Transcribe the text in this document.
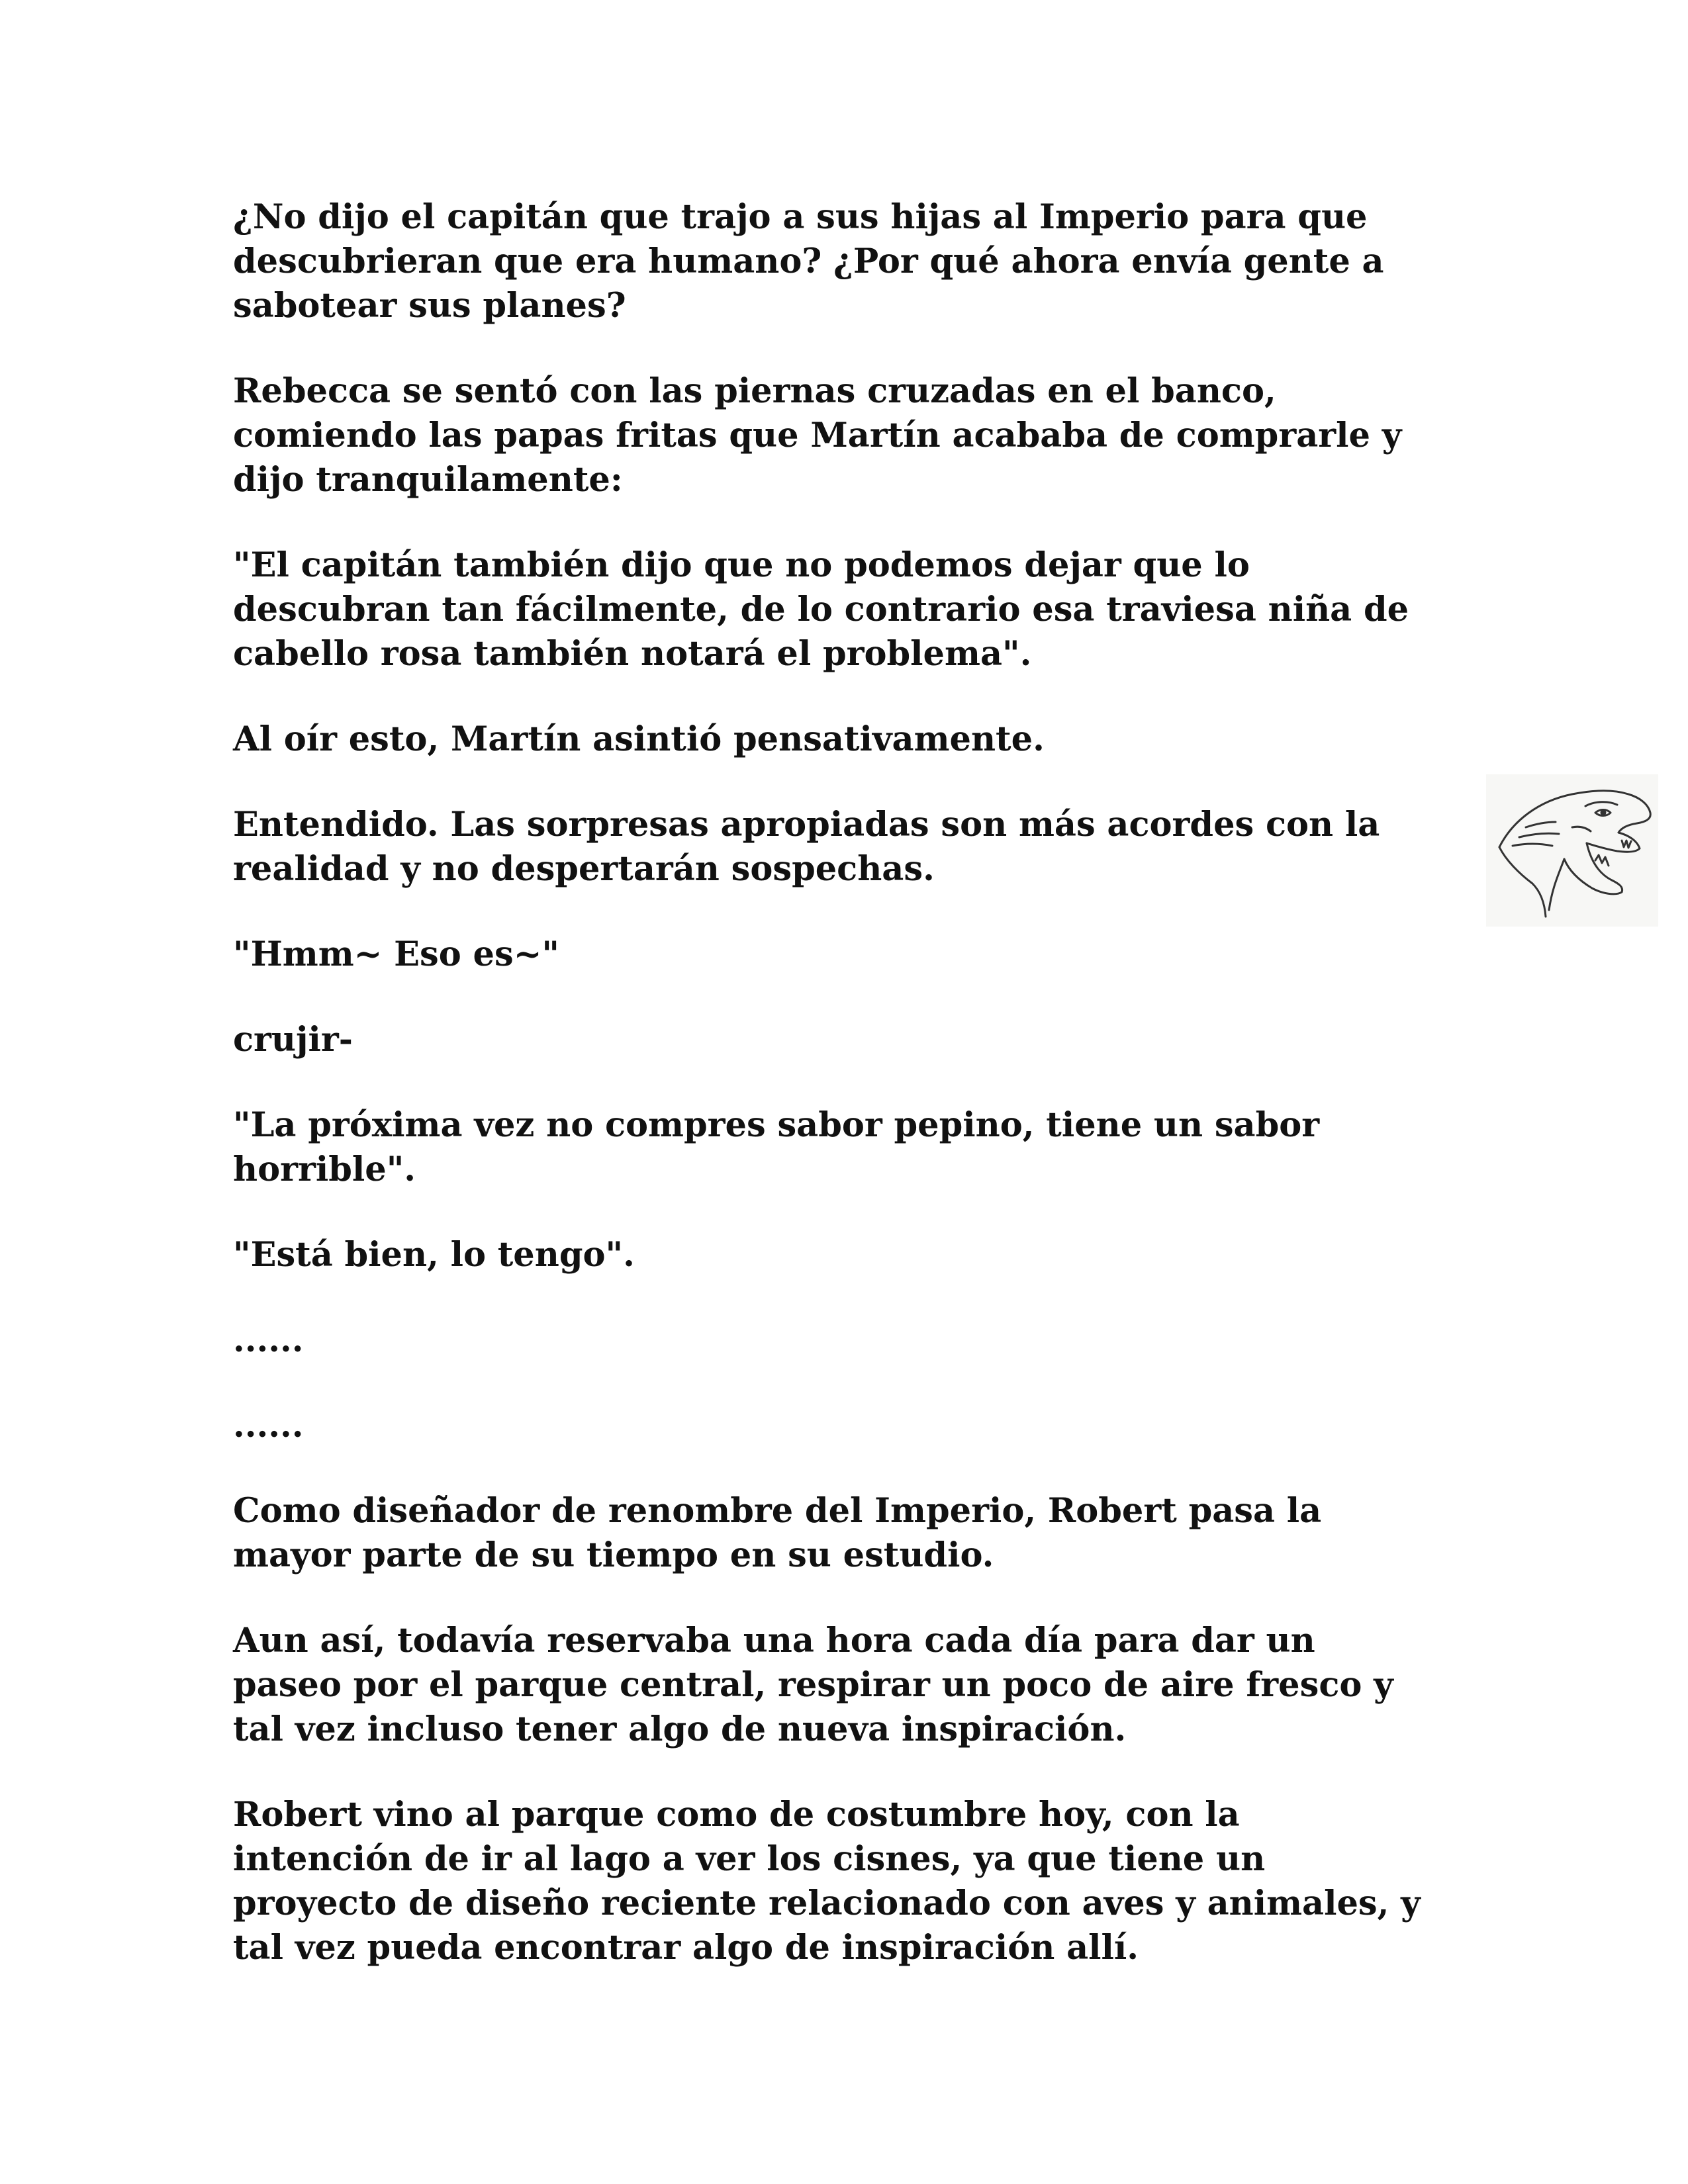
¿No dijo el capitán que trajo a sus hijas al Imperio para que
descubrieran que era humano? ¿Por qué ahora envía gente a
sabotear sus planes?

Rebecca se sentó con las piernas cruzadas en el banco,
comiendo las papas fritas que Martín acababa de comprarle y
dijo tranquilamente:

"El capitán también dijo que no podemos dejar que lo
descubran tan fácilmente, de lo contrario esa traviesa niña de
cabello rosa también notará el problema".

Al oír esto, Martín asintió pensativamente.

Entendido. Las sorpresas apropiadas son más acordes con la
realidad y no despertarán sospechas.

"Hmm~ Eso es~"

crujir-

"La próxima vez no compres sabor pepino, tiene un sabor
horrible".

"Está bien, lo tengo".

......

......

Como diseñador de renombre del Imperio, Robert pasa la
mayor parte de su tiempo en su estudio.

Aun así, todavía reservaba una hora cada día para dar un
paseo por el parque central, respirar un poco de aire fresco y
tal vez incluso tener algo de nueva inspiración.

Robert vino al parque como de costumbre hoy, con la
intención de ir al lago a ver los cisnes, ya que tiene un
proyecto de diseño reciente relacionado con aves y animales, y
tal vez pueda encontrar algo de inspiración allí.
